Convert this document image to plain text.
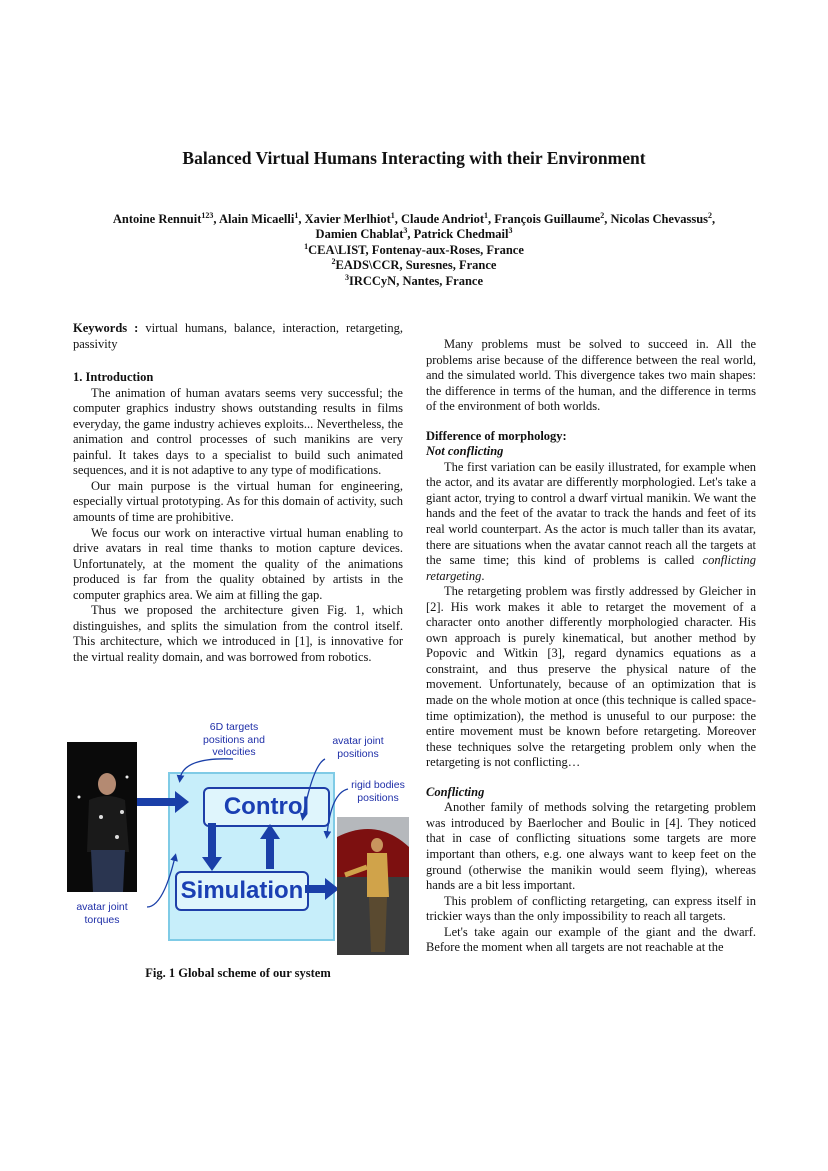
Balanced Virtual Humans Interacting with their Environment
Antoine Rennuit$^{123}$, Alain Micaelli$^1$, Xavier Merlhiot$^1$, Claude Andriot$^1$, François Guillaume$^2$, Nicolas Chevassus$^2$,
Damien Chablat$^3$, Patrick Chedmail$^3$
$^1$CEA\LIST, Fontenay-aux-Roses, France
$^2$EADS\CCR, Suresnes, France
$^3$IRCCyN, Nantes, France

Keywords : virtual humans, balance, interaction, retargeting, passivity

1. Introduction

The animation of human avatars seems very successful; the computer graphics industry shows outstanding results in films everyday, the game industry achieves exploits... Nevertheless, the animation and control processes of such manikins are very painful. It takes days to a specialist to build such animated sequences, and it is not adaptive to any type of modifications.

Our main purpose is the virtual human for engineering, especially virtual prototyping. As for this domain of activity, such amounts of time are prohibitive.

We focus our work on interactive virtual human enabling to drive avatars in real time thanks to motion capture devices. Unfortunately, at the moment the quality of the animations produced is far from the quality obtained by artists in the computer graphics area. We aim at filling the gap.

Thus we proposed the architecture given Fig. 1, which distinguishes, and splits the simulation from the control itself. This architecture, which we introduced in [1], is innovative for the virtual reality domain, and was borrowed from robotics.

6D targets positions and velocities
avatar joint positions
rigid bodies positions
avatar joint torques
Control
Simulation
Fig. 1 Global scheme of our system

Many problems must be solved to succeed in. All the problems arise because of the difference between the real world, and the simulated world. This divergence takes two main shapes: the difference in terms of the human, and the difference in terms of the environment of both worlds.

Difference of morphology:
Not conflicting

The first variation can be easily illustrated, for example when the actor, and its avatar are differently morphologied. Let's take a giant actor, trying to control a dwarf virtual manikin. We want the hands and the feet of the avatar to track the hands and feet of its real world counterpart. As the actor is much taller than its avatar, there are situations when the avatar cannot reach all the targets at the same time; this kind of problems is called conflicting retargeting.

The retargeting problem was firstly addressed by Gleicher in [2]. His work makes it able to retarget the movement of a character onto another differently morphologied character. His own approach is purely kinematical, but another method by Popovic and Witkin [3], regard dynamics equations as a constraint, and thus preserve the physical nature of the movement. Unfortunately, because of an optimization that is made on the whole motion at once (this technique is called space-time optimization), the method is unuseful to our purpose: the entire movement must be known before retargeting. Moreover these techniques solve the retargeting problem only when the retargeting is not conflicting…

Conflicting

Another family of methods solving the retargeting problem was introduced by Baerlocher and Boulic in [4]. They noticed that in case of conflicting situations some targets are more important than others, e.g. one always want to keep feet on the ground (otherwise the manikin would seem flying), whereas hands are a bit less important.

This problem of conflicting retargeting, can express itself in trickier ways than the only impossibility to reach all targets.

Let's take again our example of the giant and the dwarf. Before the moment when all targets are not reachable at the
